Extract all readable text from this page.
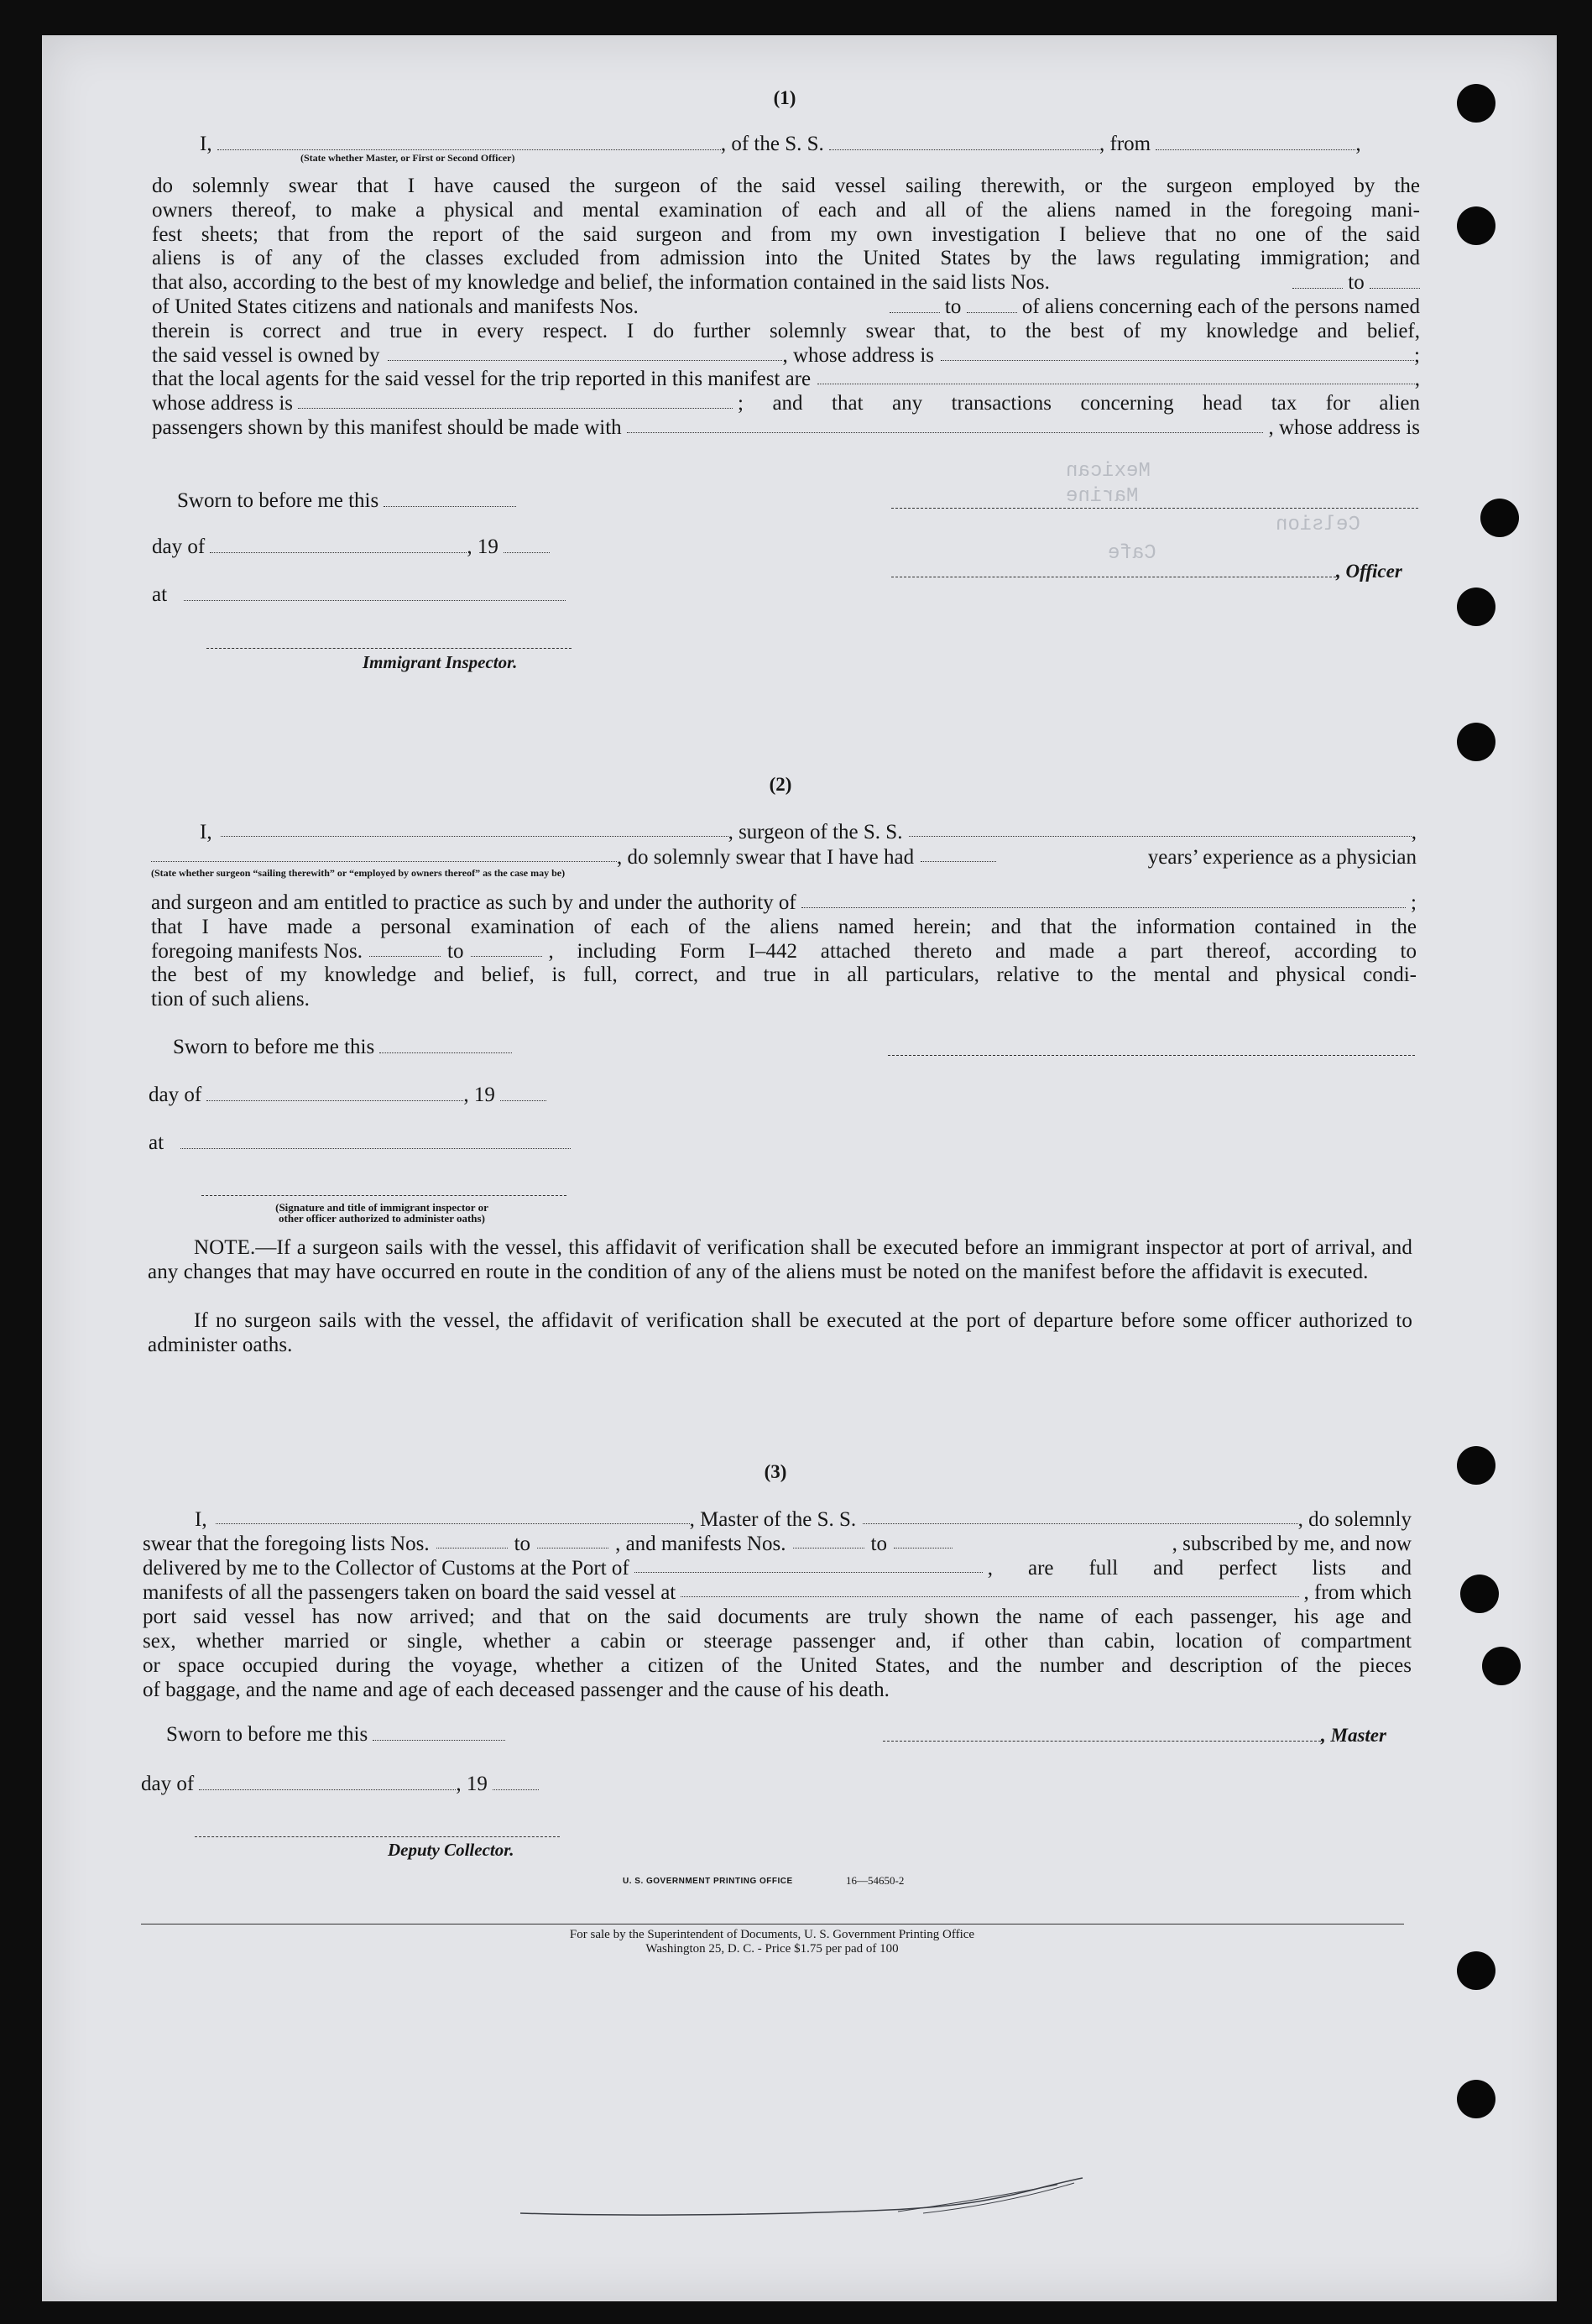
Mexican
Marine
Celsion
Cafe
(1)
I,	, of the S. S.	, from	,
(State whether Master, or First or Second Officer)
do solemnly swear that I have caused the surgeon of the said vessel sailing therewith, or the surgeon employed by the
owners thereof, to make a physical and mental examination of each and all of the aliens named in the foregoing mani-
fest sheets; that from the report of the said surgeon and from my own investigation I believe that no one of the said
aliens is of any of the classes excluded from admission into the United States by the laws regulating immigration; and
that also, according to the best of my knowledge and belief, the information contained in the said lists Nos.	to
of United States citizens and nationals and manifests Nos.	to	of aliens concerning each of the persons named
therein is correct and true in every respect. I do further solemnly swear that, to the best of my knowledge and belief,
the said vessel is owned by	, whose address is	;
that the local agents for the said vessel for the trip reported in this manifest are	,
whose address is	; and that any transactions concerning head tax for alien
passengers shown by this manifest should be made with	, whose address is
Sworn to before me this
day of	, 19
, Officer
at
Immigrant Inspector.
(2)
I,	, surgeon of the S. S.	,
, do solemnly swear that I have had	years’ experience as a physician
(State whether surgeon “sailing therewith” or “employed by owners thereof” as the case may be)
and surgeon and am entitled to practice as such by and under the authority of	;
that I have made a personal examination of each of the aliens named herein; and that the information contained in the
foregoing manifests Nos.	to	, including Form I–442 attached thereto and made a part thereof, according to
the best of my knowledge and belief, is full, correct, and true in all particulars, relative to the mental and physical condi-
tion of such aliens.
Sworn to before me this
day of	, 19
at
(Signature and title of immigrant inspector or
other officer authorized to administer oaths)
NOTE.—If a surgeon sails with the vessel, this affidavit of verification shall be executed before an immigrant inspector at port of arrival, and any changes that may have occurred en route in the condition of any of the aliens must be noted on the manifest before the affidavit is executed.
If no surgeon sails with the vessel, the affidavit of verification shall be executed at the port of departure before some officer authorized to administer oaths.
(3)
I,	, Master of the S. S.	, do solemnly
swear that the foregoing lists Nos.	to	, and manifests Nos.	to	, subscribed by me, and now
delivered by me to the Collector of Customs at the Port of	, are full and perfect lists and
manifests of all the passengers taken on board the said vessel at	, from which
port said vessel has now arrived; and that on the said documents are truly shown the name of each passenger, his age and
sex, whether married or single, whether a cabin or steerage passenger and, if other than cabin, location of compartment
or space occupied during the voyage, whether a citizen of the United States, and the number and description of the pieces
of baggage, and the name and age of each deceased passenger and the cause of his death.
Sworn to before me this	, Master
day of	, 19
Deputy Collector.
U. S. GOVERNMENT PRINTING OFFICE	16—54650-2
For sale by the Superintendent of Documents, U. S. Government Printing Office
Washington 25, D. C. - Price $1.75 per pad of 100
